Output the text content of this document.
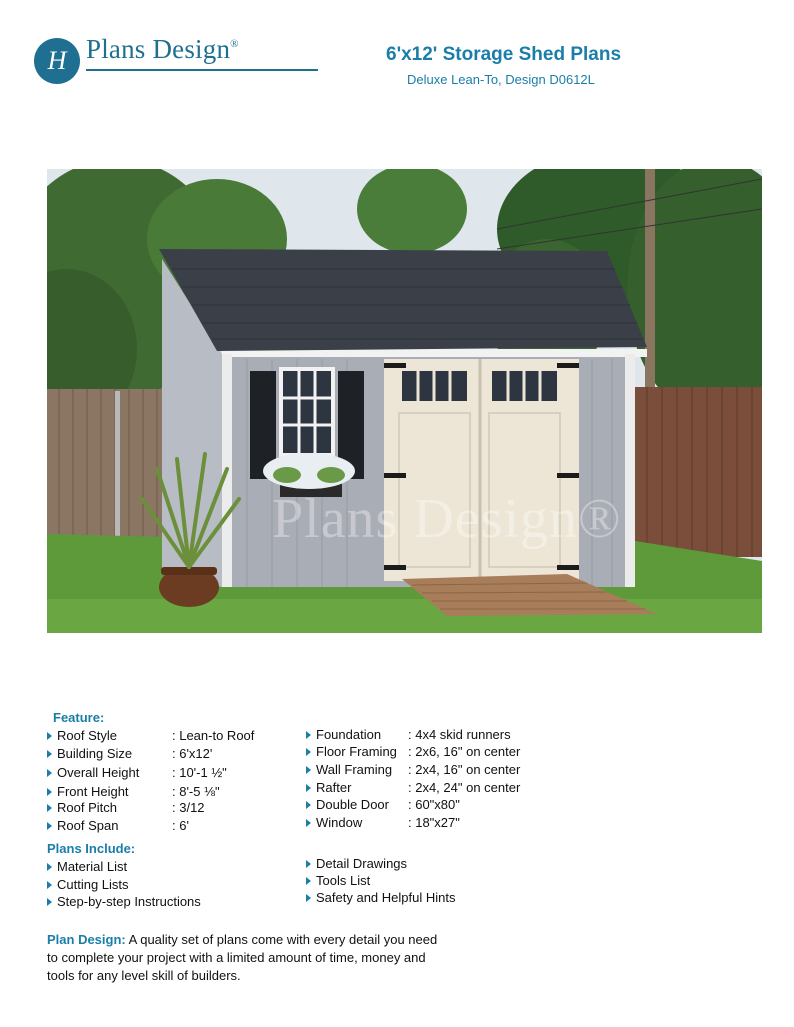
H Plans Design®	6'x12' Storage Shed Plans
Deluxe Lean-To, Design D0612L
Plans Design®
Feature:
Roof Style	: Lean-to Roof
Building Size	: 6'x12'
Overall Height	: 10'-1 ½"
Front Height	: 8'-5 ⅛"
Roof Pitch	: 3/12
Roof Span	: 6'
Foundation : 4x4 skid runners
Floor Framing : 2x6, 16" on center
Wall Framing : 2x4, 16" on center
Rafter	: 2x4, 24" on center
Double Door : 60"x80"
Window	: 18"x27"
Plans Include:
Material List
Cutting Lists
Step-by-step Instructions
Detail Drawings
Tools List
Safety and Helpful Hints
Plan Design: A quality set of plans come with every detail you need to complete your project with a limited amount of time, money and tools for any level skill of builders.
